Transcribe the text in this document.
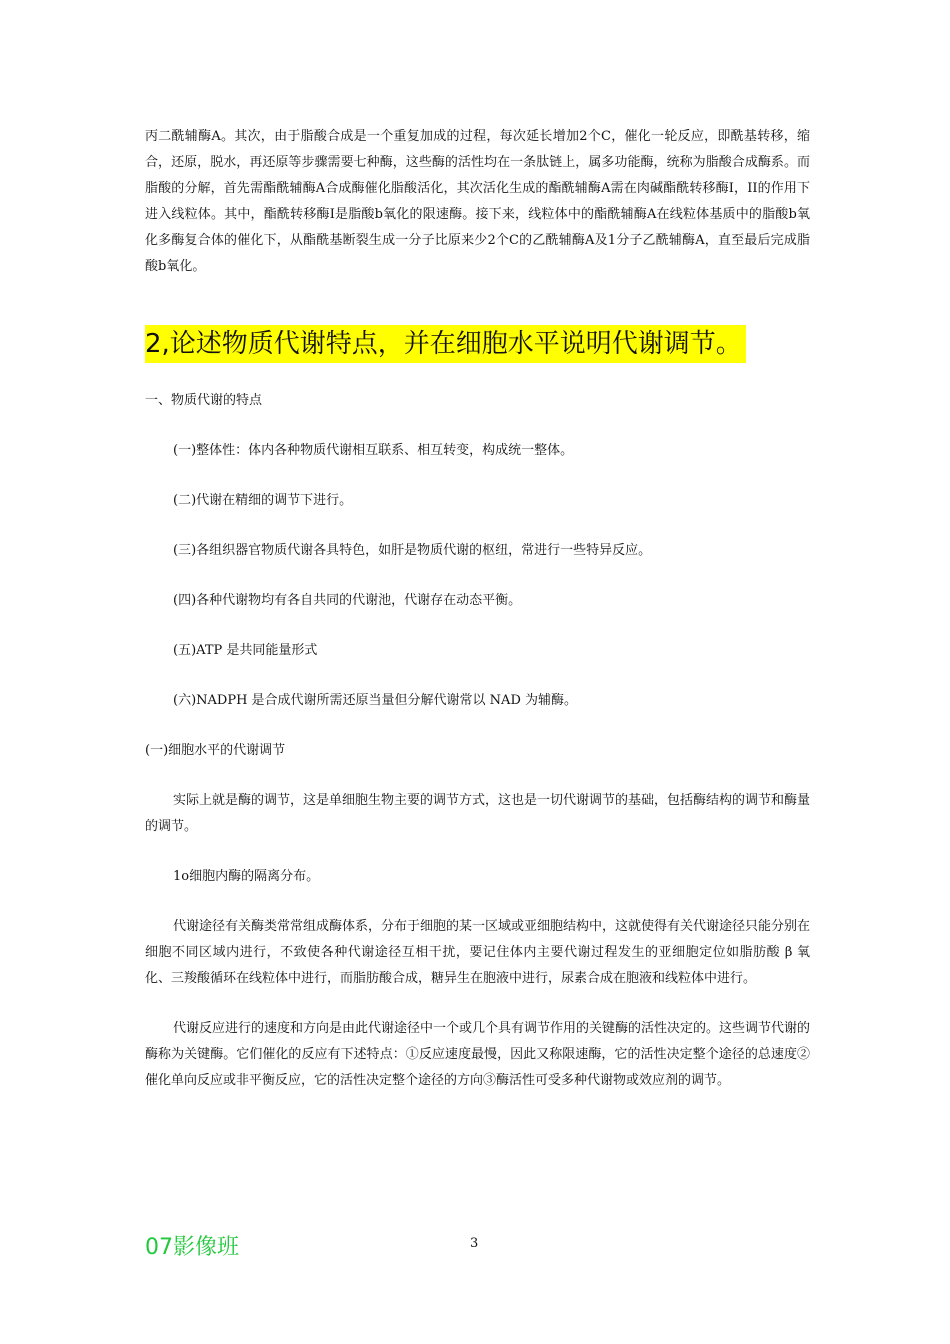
丙二酰辅酶A。其次，由于脂酸合成是一个重复加成的过程，每次延长增加2个C，催化一轮反应，即酰基转移，缩合，还原，脱水，再还原等步骤需要七种酶，这些酶的活性均在一条肽链上，属多功能酶，统称为脂酸合成酶系。而脂酸的分解，首先需酯酰辅酶A合成酶催化脂酸活化，其次活化生成的酯酰辅酶A需在肉碱酯酰转移酶I，II的作用下进入线粒体。其中，酯酰转移酶I是脂酸b氧化的限速酶。接下来，线粒体中的酯酰辅酶A在线粒体基质中的脂酸b氧化多酶复合体的催化下，从酯酰基断裂生成一分子比原来少2个C的乙酰辅酶A及1分子乙酰辅酶A，直至最后完成脂酸b氧化。

2,论述物质代谢特点，并在细胞水平说明代谢调节。

一、物质代谢的特点

(一)整体性：体内各种物质代谢相互联系、相互转变，构成统一整体。

(二)代谢在精细的调节下进行。

(三)各组织器官物质代谢各具特色，如肝是物质代谢的枢纽，常进行一些特异反应。

(四)各种代谢物均有各自共同的代谢池，代谢存在动态平衡。

(五)ATP 是共同能量形式

(六)NADPH 是合成代谢所需还原当量但分解代谢常以 NAD 为辅酶。

(一)细胞水平的代谢调节

实际上就是酶的调节，这是单细胞生物主要的调节方式，这也是一切代谢调节的基础，包括酶结构的调节和酶量的调节。

1o细胞内酶的隔离分布。

代谢途径有关酶类常常组成酶体系，分布于细胞的某一区域或亚细胞结构中，这就使得有关代谢途径只能分别在细胞不同区域内进行，不致使各种代谢途径互相干扰，要记住体内主要代谢过程发生的亚细胞定位如脂肪酸 β 氧化、三羧酸循环在线粒体中进行，而脂肪酸合成，糖异生在胞液中进行，尿素合成在胞液和线粒体中进行。

代谢反应进行的速度和方向是由此代谢途径中一个或几个具有调节作用的关键酶的活性决定的。这些调节代谢的酶称为关键酶。它们催化的反应有下述特点：①反应速度最慢，因此又称限速酶，它的活性决定整个途径的总速度②催化单向反应或非平衡反应，它的活性决定整个途径的方向③酶活性可受多种代谢物或效应剂的调节。

07影像班	3
